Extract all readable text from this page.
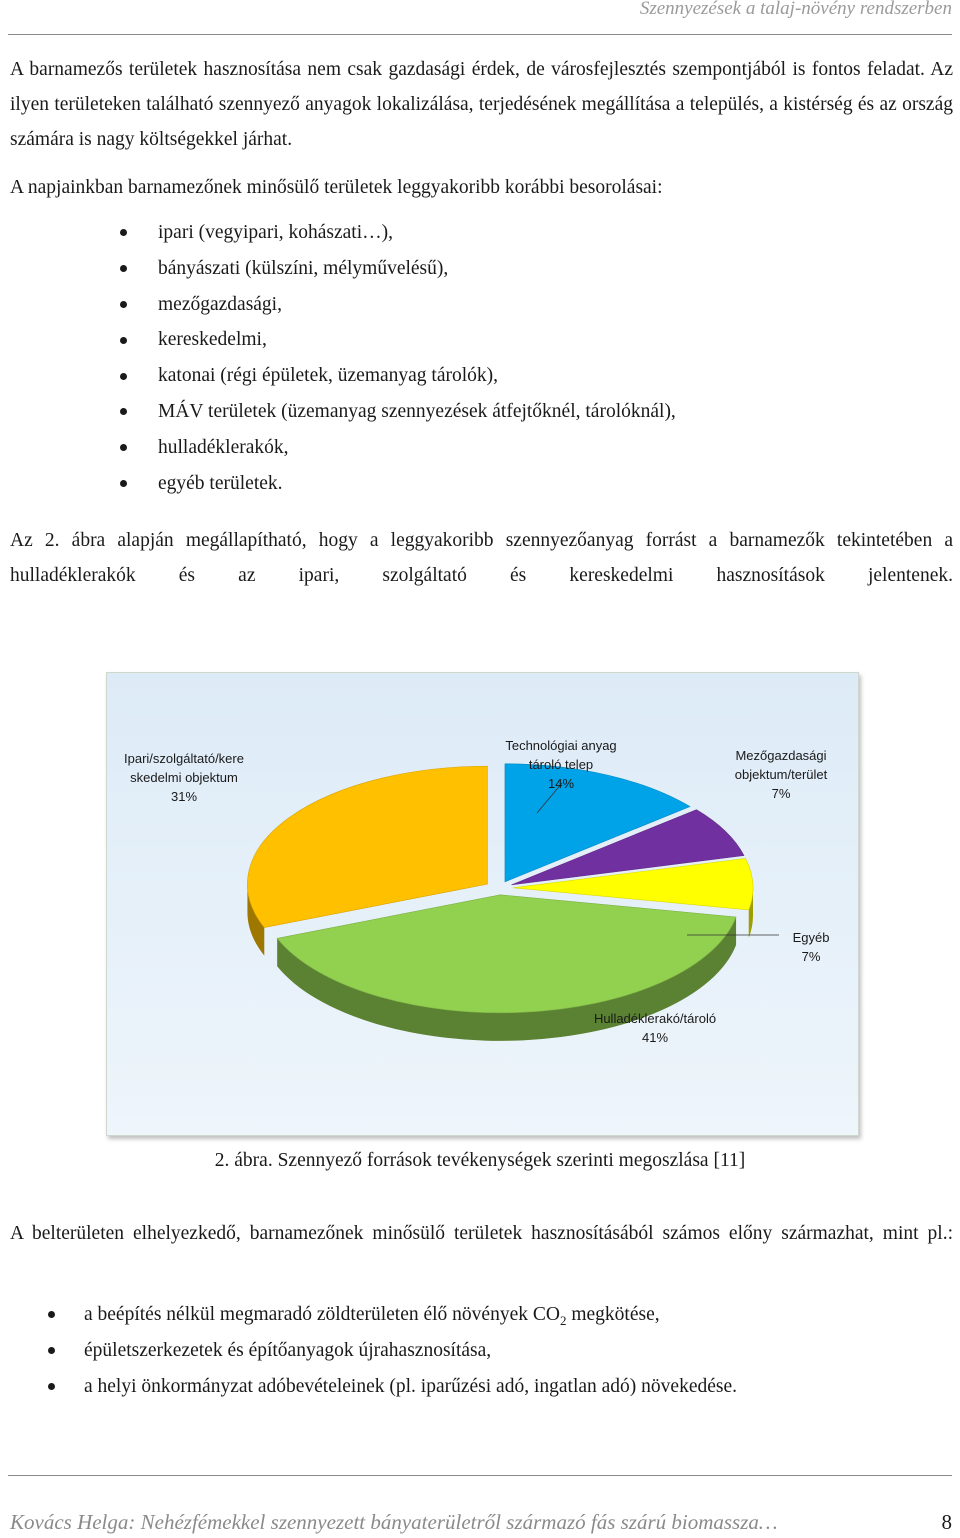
Szennyezések a talaj-növény rendszerben

A barnamezős területek hasznosítása nem csak gazdasági érdek, de városfejlesztés szempontjából is fontos feladat. Az ilyen területeken található szennyező anyagok lokalizálása, terjedésének megállítása a település, a kistérség és az ország számára is nagy költségekkel járhat.

A napjainkban barnamezőnek minősülő területek leggyakoribb korábbi besorolásai:

ipari (vegyipari, kohászati…),
bányászati (külszíni, mélyművelésű),
mezőgazdasági,
kereskedelmi,
katonai (régi épületek, üzemanyag tárolók),
MÁV területek (üzemanyag szennyezések átfejtőknél, tárolóknál),
hulladéklerakók,
egyéb területek.

Az 2. ábra alapján megállapítható, hogy a leggyakoribb szennyezőanyag forrást a barnamezők tekintetében a hulladéklerakók és az ipari, szolgáltató és kereskedelmi hasznosítások jelentenek.

Technológiai anyag tároló telep 14%
Mezőgazdasági objektum/terület 7%
Egyéb 7%
Hulladéklerakó/tároló 41%
Ipari/szolgáltató/kere skedelmi objektum 31%
2. ábra. Szennyező források tevékenységek szerinti megoszlása [11]

A belterületen elhelyezkedő, barnamezőnek minősülő területek hasznosításából számos előny származhat, mint pl.:

a beépítés nélkül megmaradó zöldterületen élő növények $CO_2$ megkötése,
épületszerkezetek és építőanyagok újrahasznosítása,
a helyi önkormányzat adóbevételeinek (pl. iparűzési adó, ingatlan adó) növekedése.
Kovács Helga: Nehézfémekkel szennyezett bányaterületről származó fás szárú biomassza…	8
